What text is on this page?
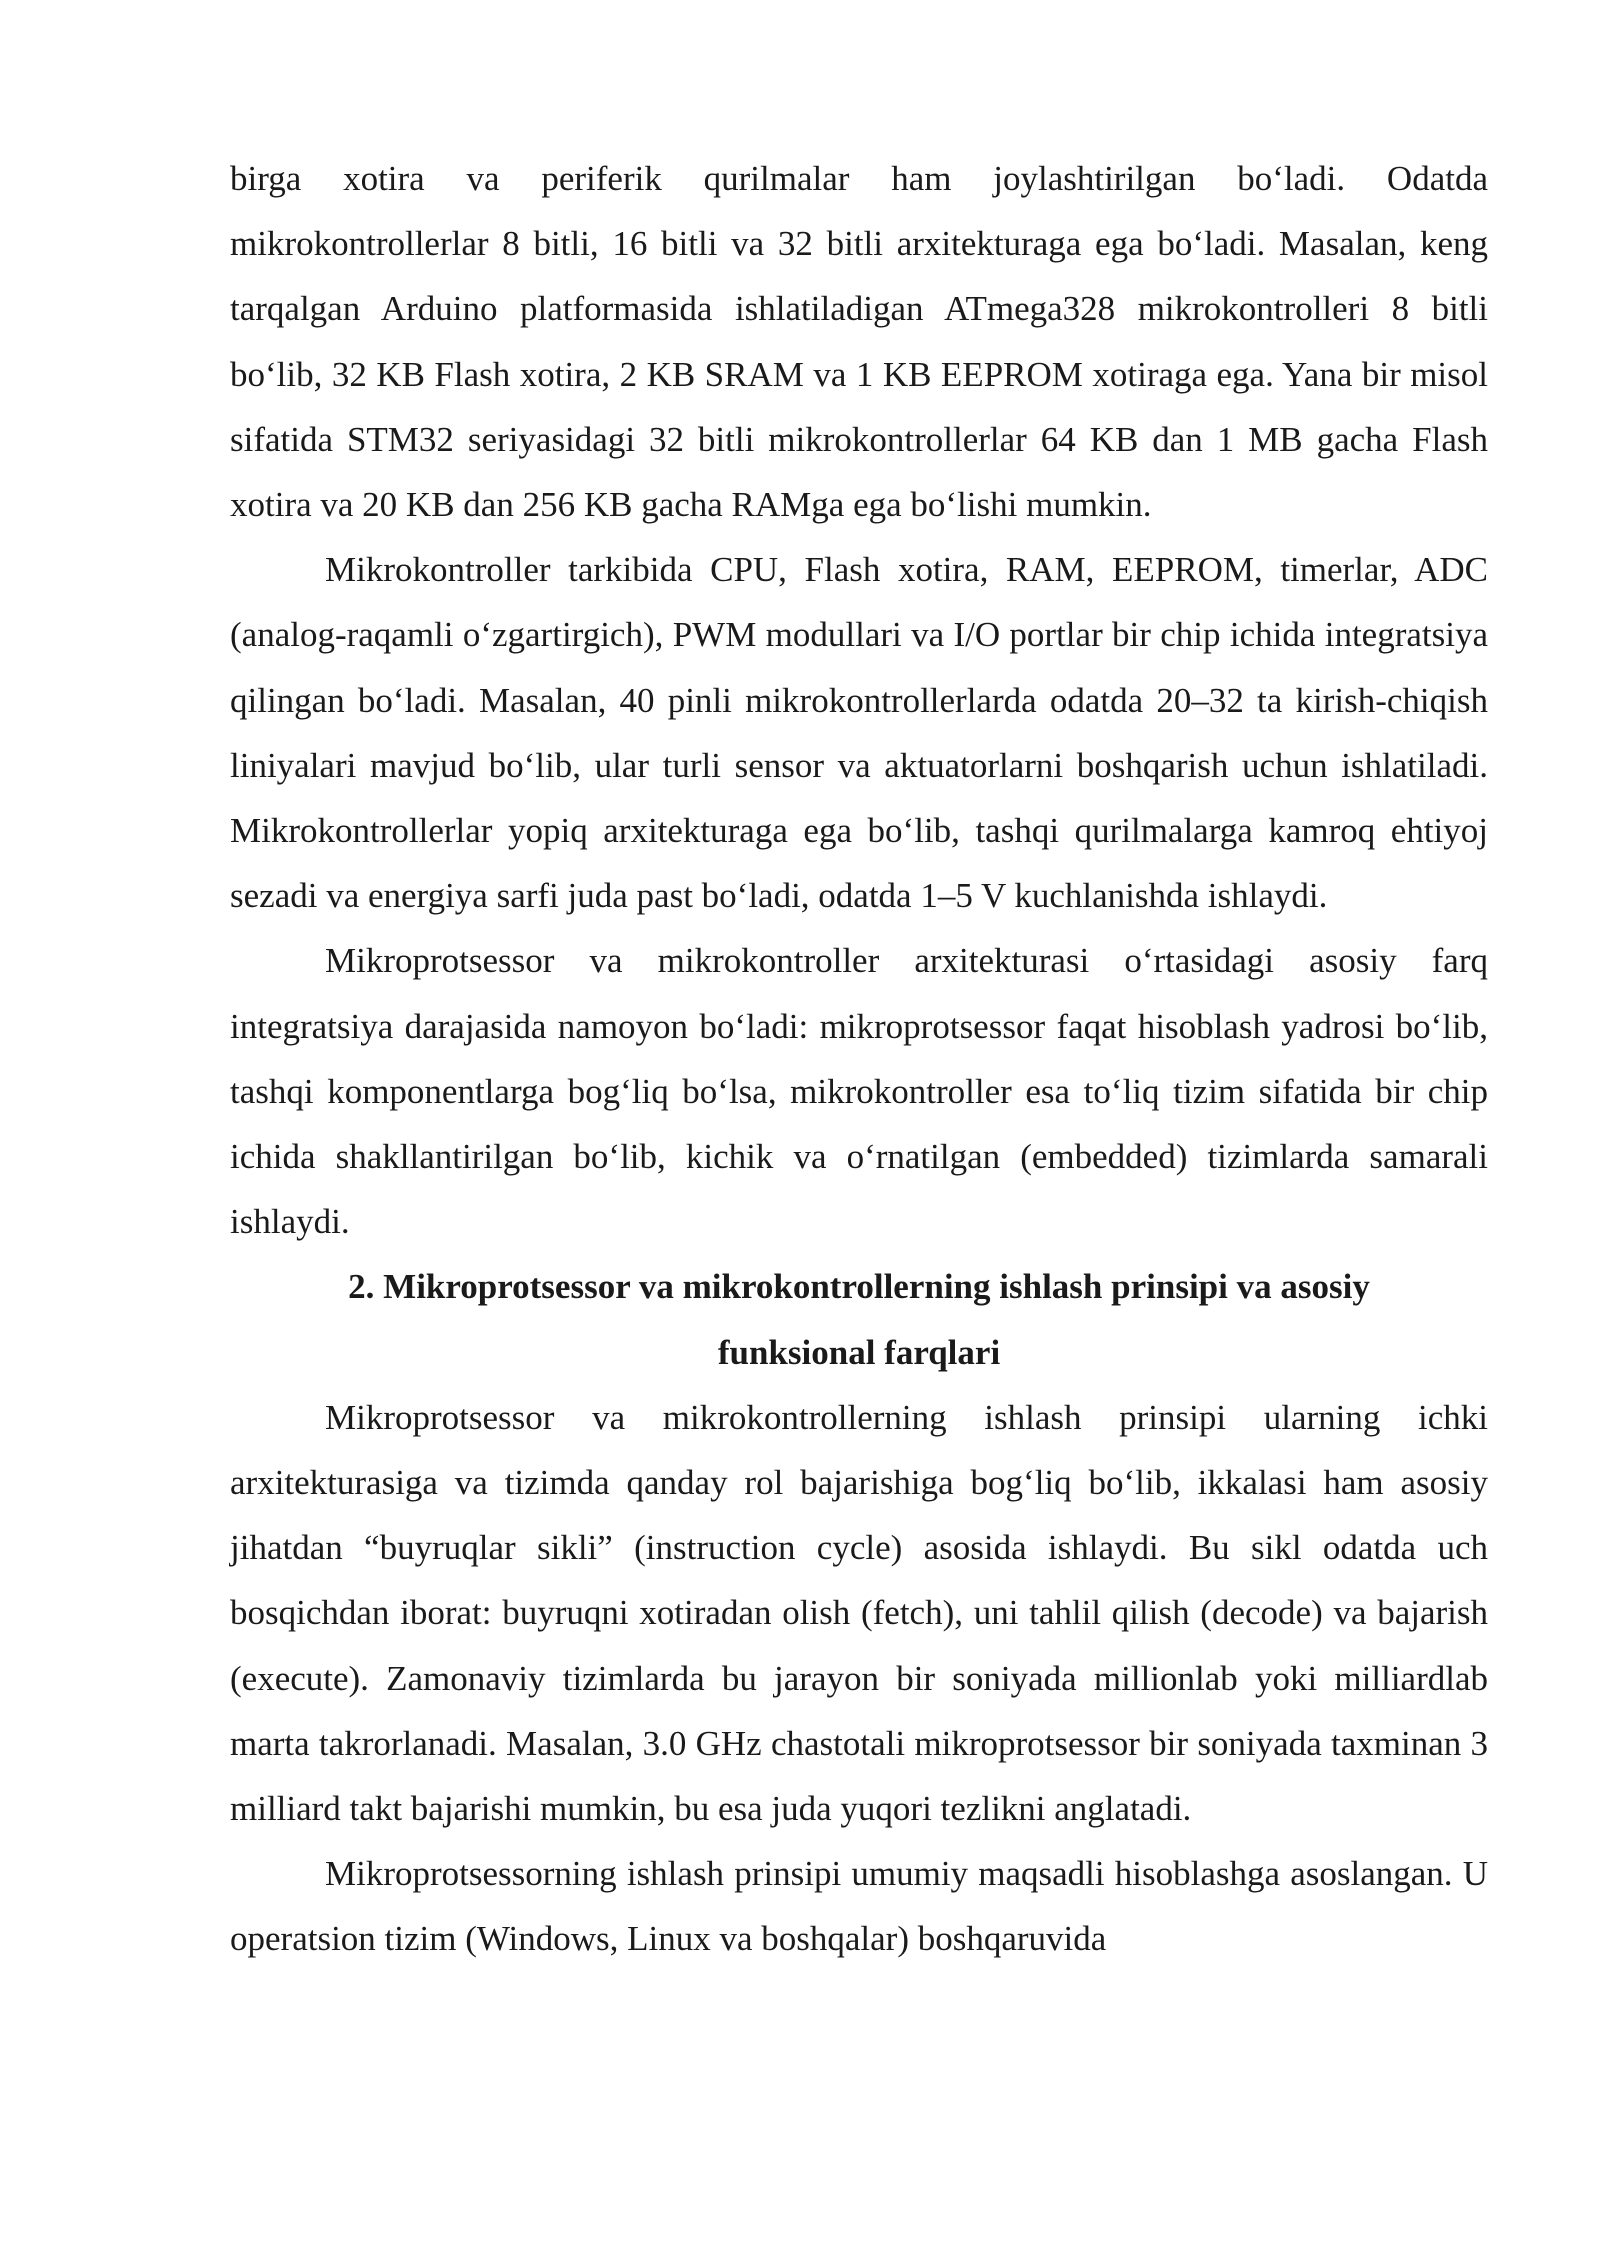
birga xotira va periferik qurilmalar ham joylashtirilgan bo‘ladi. Odatda mikrokontrollerlar 8 bitli, 16 bitli va 32 bitli arxitekturaga ega bo‘ladi. Masalan, keng tarqalgan Arduino platformasida ishlatiladigan ATmega328 mikrokontrolleri 8 bitli bo‘lib, 32 KB Flash xotira, 2 KB SRAM va 1 KB EEPROM xotiraga ega. Yana bir misol sifatida STM32 seriyasidagi 32 bitli mikrokontrollerlar 64 KB dan 1 MB gacha Flash xotira va 20 KB dan 256 KB gacha RAMga ega bo‘lishi mumkin.

Mikrokontroller tarkibida CPU, Flash xotira, RAM, EEPROM, timerlar, ADC (analog-raqamli o‘zgartirgich), PWM modullari va I/O portlar bir chip ichida integratsiya qilingan bo‘ladi. Masalan, 40 pinli mikrokontrollerlarda odatda 20–32 ta kirish-chiqish liniyalari mavjud bo‘lib, ular turli sensor va aktuatorlarni boshqarish uchun ishlatiladi. Mikrokontrollerlar yopiq arxitekturaga ega bo‘lib, tashqi qurilmalarga kamroq ehtiyoj sezadi va energiya sarfi juda past bo‘ladi, odatda 1–5 V kuchlanishda ishlaydi.

Mikroprotsessor va mikrokontroller arxitekturasi o‘rtasidagi asosiy farq integratsiya darajasida namoyon bo‘ladi: mikroprotsessor faqat hisoblash yadrosi bo‘lib, tashqi komponentlarga bog‘liq bo‘lsa, mikrokontroller esa to‘liq tizim sifatida bir chip ichida shakllantirilgan bo‘lib, kichik va o‘rnatilgan (embedded) tizimlarda samarali ishlaydi.

2. Mikroprotsessor va mikrokontrollerning ishlash prinsipi va asosiy
funksional farqlari

Mikroprotsessor va mikrokontrollerning ishlash prinsipi ularning ichki arxitekturasiga va tizimda qanday rol bajarishiga bog‘liq bo‘lib, ikkalasi ham asosiy jihatdan “buyruqlar sikli” (instruction cycle) asosida ishlaydi. Bu sikl odatda uch bosqichdan iborat: buyruqni xotiradan olish (fetch), uni tahlil qilish (decode) va bajarish (execute). Zamonaviy tizimlarda bu jarayon bir soniyada millionlab yoki milliardlab marta takrorlanadi. Masalan, 3.0 GHz chastotali mikroprotsessor bir soniyada taxminan 3 milliard takt bajarishi mumkin, bu esa juda yuqori tezlikni anglatadi.

Mikroprotsessorning ishlash prinsipi umumiy maqsadli hisoblashga asoslangan. U operatsion tizim (Windows, Linux va boshqalar) boshqaruvida
